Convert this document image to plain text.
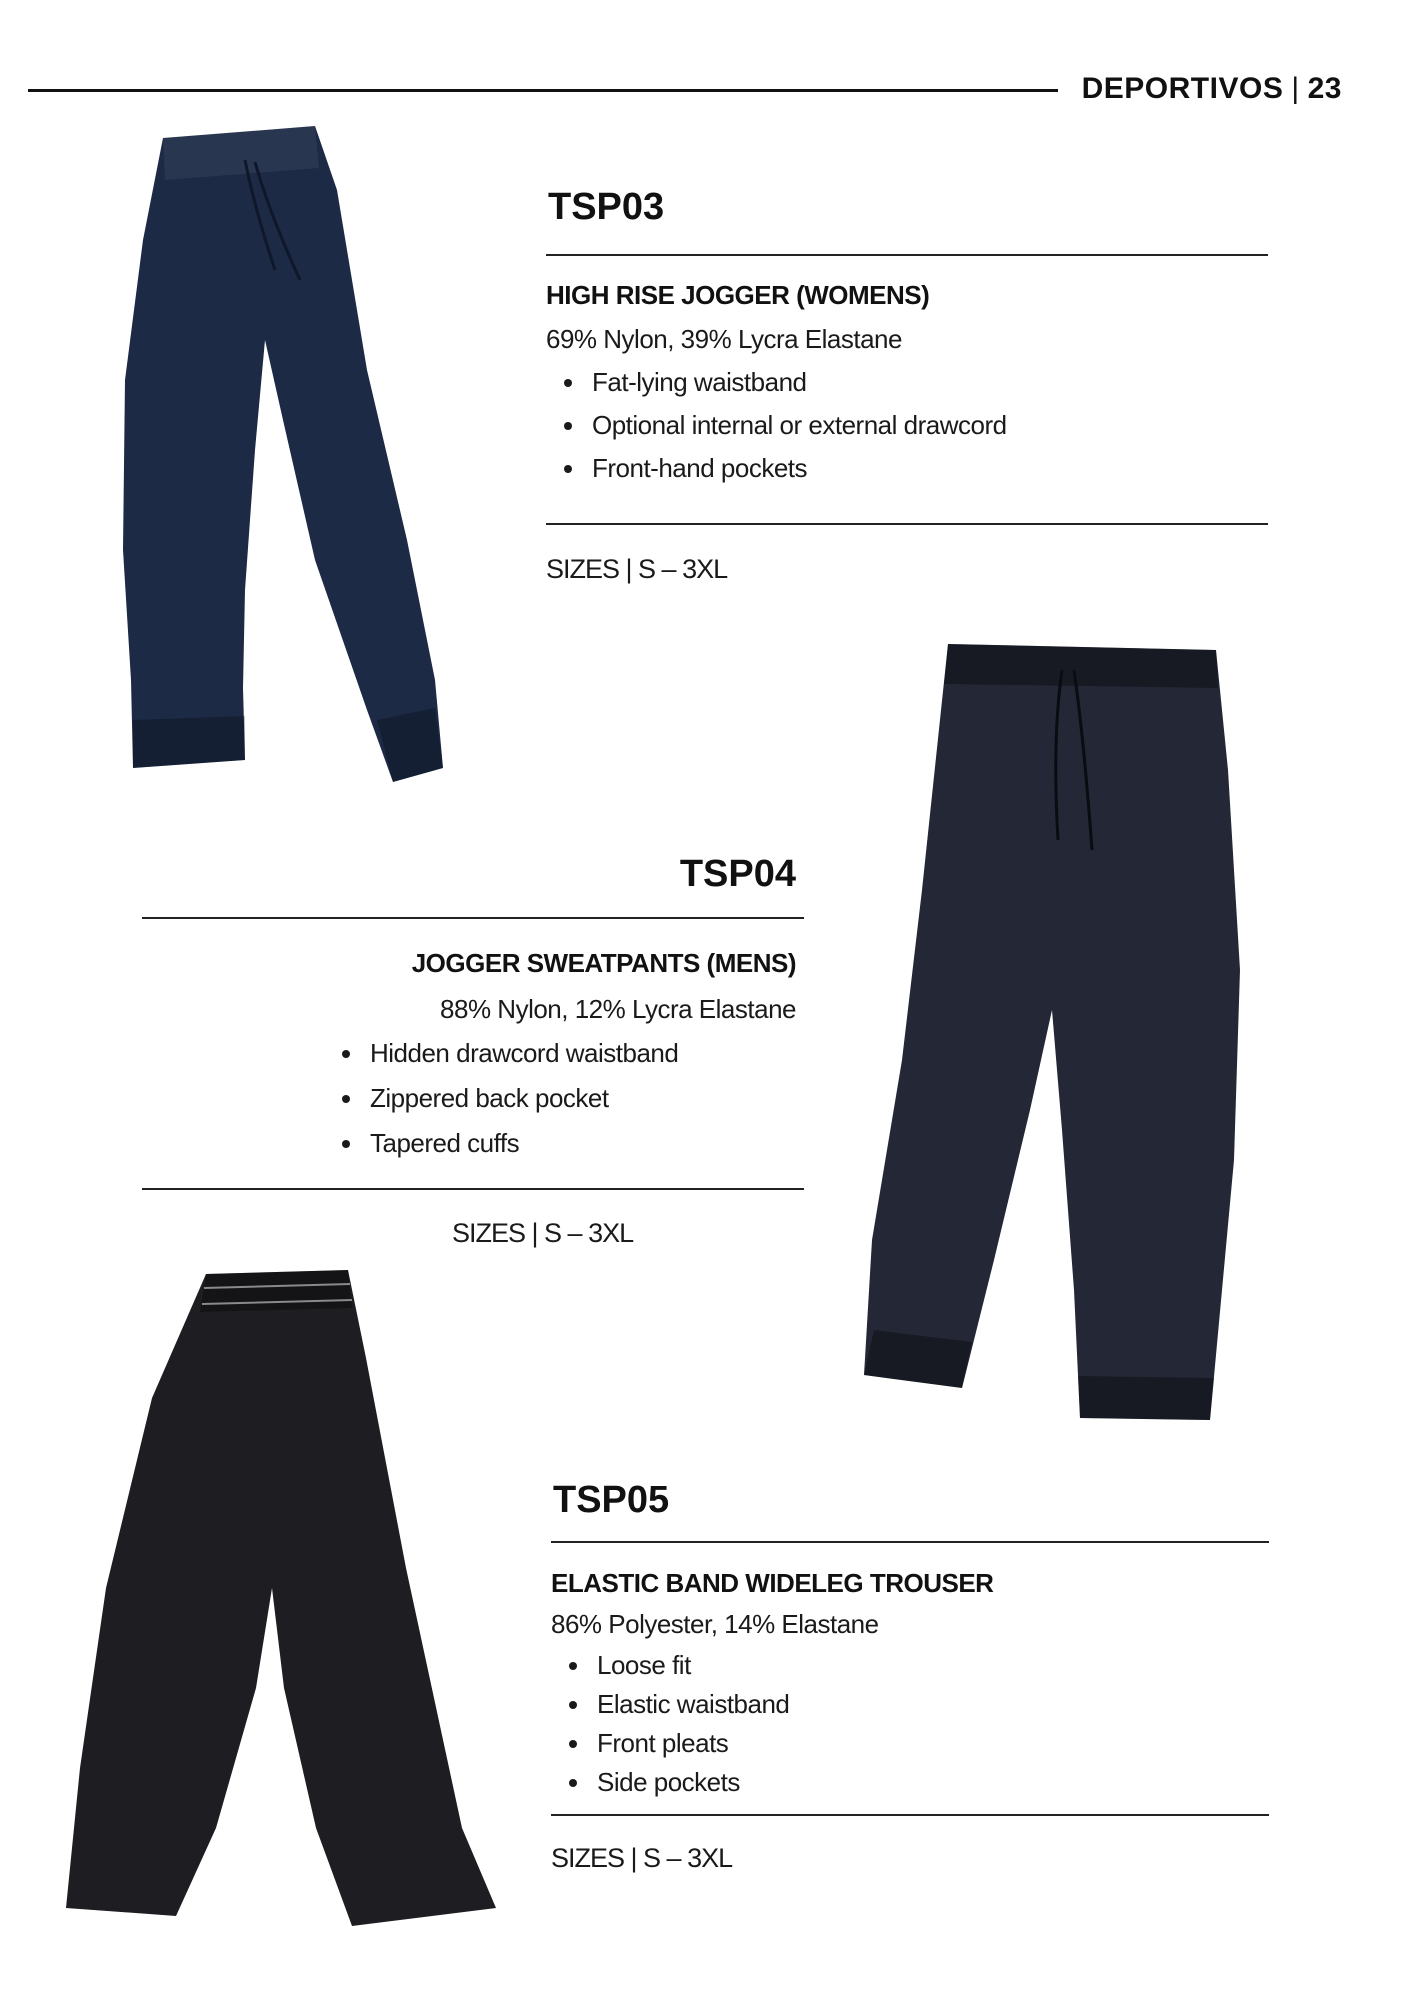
DEPORTIVOS | 23
TSP03
HIGH RISE JOGGER (WOMENS)
69% Nylon, 39% Lycra Elastane
Fat-lying waistband
Optional internal or external drawcord
Front-hand pockets
SIZES | S – 3XL
TSP04
JOGGER SWEATPANTS (MENS)
88% Nylon, 12% Lycra Elastane
Hidden drawcord waistband
Zippered back pocket
Tapered cuffs
SIZES | S – 3XL
TSP05
ELASTIC BAND WIDELEG TROUSER
86% Polyester, 14% Elastane
Loose fit
Elastic waistband
Front pleats
Side pockets
SIZES | S – 3XL
